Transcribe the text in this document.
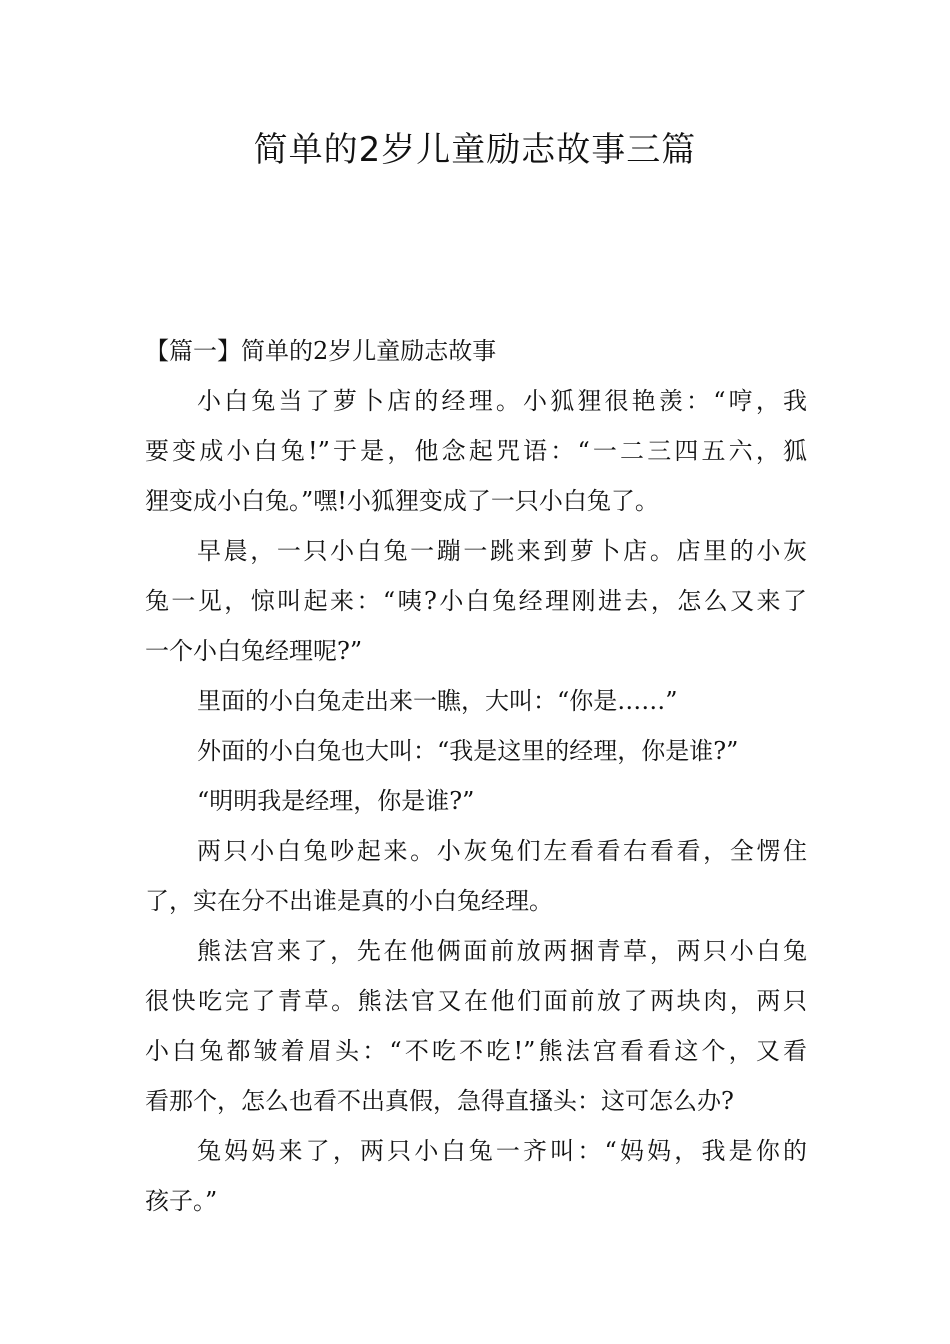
简单的2岁儿童励志故事三篇
【篇一】简单的2岁儿童励志故事

小白兔当了萝卜店的经理。小狐狸很艳羡：“哼，我
要变成小白兔!”于是，他念起咒语：“一二三四五六，狐
狸变成小白兔。”嘿!小狐狸变成了一只小白兔了。

早晨，一只小白兔一蹦一跳来到萝卜店。店里的小灰
兔一见，惊叫起来：“咦?小白兔经理刚进去，怎么又来了
一个小白兔经理呢?”

里面的小白兔走出来一瞧，大叫：“你是……”

外面的小白兔也大叫：“我是这里的经理，你是谁?”

“明明我是经理，你是谁?”

两只小白兔吵起来。小灰兔们左看看右看看，全愣住
了，实在分不出谁是真的小白兔经理。

熊法宫来了，先在他俩面前放两捆青草，两只小白兔
很快吃完了青草。熊法官又在他们面前放了两块肉，两只
小白兔都皱着眉头：“不吃不吃!”熊法宫看看这个，又看
看那个，怎么也看不出真假，急得直搔头：这可怎么办?

兔妈妈来了，两只小白兔一齐叫：“妈妈，我是你的
孩子。”
